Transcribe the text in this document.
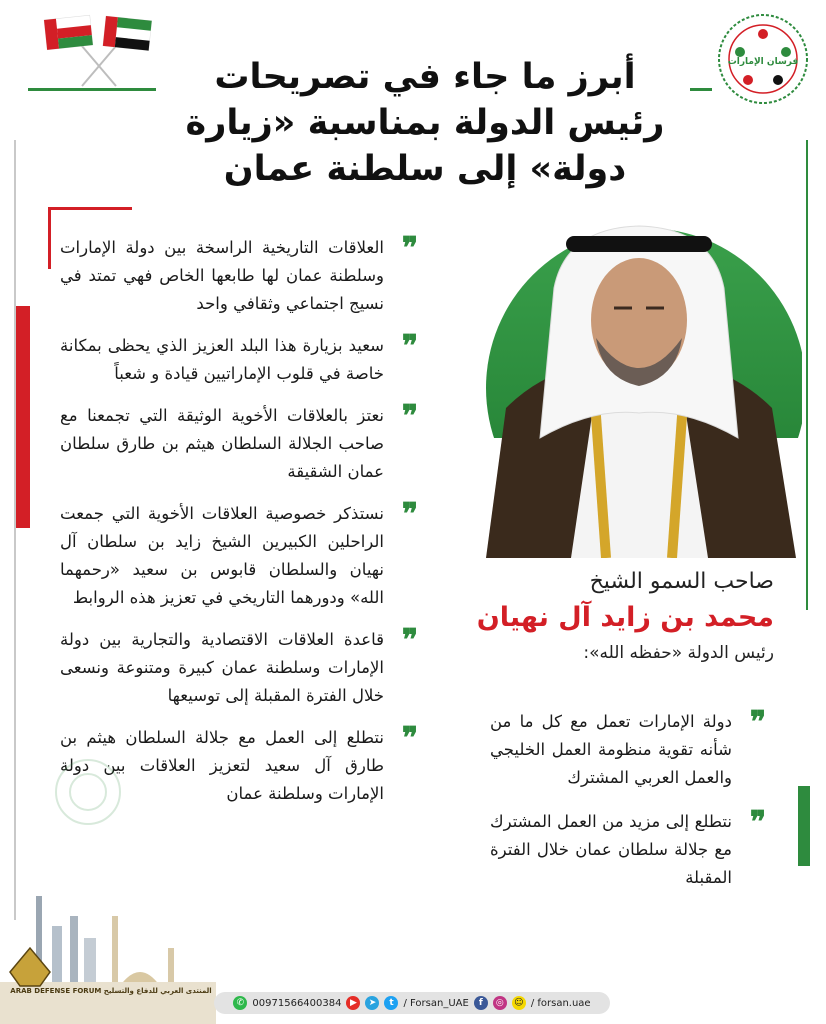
فرسان الإمارات
أبرز ما جاء في تصريحات رئيس الدولة بمناسبة «زيارة دولة» إلى سلطنة عمان
❞
العلاقات التاريخية الراسخة بين دولة الإمارات وسلطنة عمان لها طابعها الخاص فهي تمتد في نسيج اجتماعي وثقافي واحد
❞
سعيد بزيارة هذا البلد العزيز الذي يحظى بمكانة خاصة في قلوب الإماراتيين قيادة و شعباً
❞
نعتز بالعلاقات الأخوية الوثيقة التي تجمعنا مع صاحب الجلالة السلطان هيثم بن طارق سلطان عمان الشقيقة
❞
نستذكر خصوصية العلاقات الأخوية التي جمعت الراحلين الكبيرين الشيخ زايد بن سلطان آل نهيان والسلطان قابوس بن سعيد «رحمهما الله» ودورهما التاريخي في تعزيز هذه الروابط
❞
قاعدة العلاقات الاقتصادية والتجارية بين دولة الإمارات وسلطنة عمان كبيرة ومتنوعة ونسعى خلال الفترة المقبلة إلى توسيعها
❞
نتطلع إلى العمل مع جلالة السلطان هيثم بن طارق آل سعيد لتعزيز العلاقات بين دولة الإمارات وسلطنة عمان
صاحب السمو الشيخ
محمد بن زايد آل نهيان
رئيس الدولة «حفظه الله»:
❞
دولة الإمارات تعمل مع كل ما من شأنه تقوية منظومة العمل الخليجي والعمل العربي المشترك
❞
نتطلع إلى مزيد من العمل المشترك مع جلالة سلطان عمان خلال الفترة المقبلة
ARAB DEFENSE FORUM المنتدى العربي للدفاع والتسليح
✆ 00971566400384 ▶	➤	t / Forsan_UAE	f	◎	☺ / forsan.uae
